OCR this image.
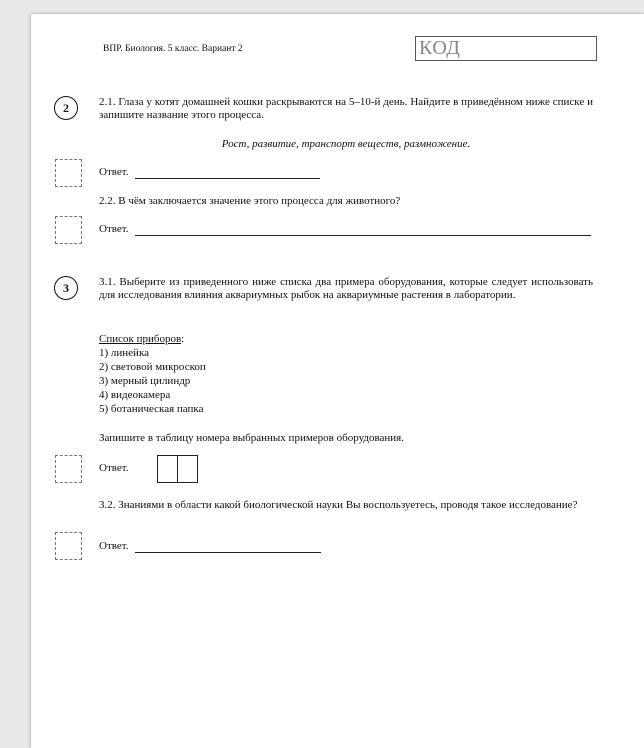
ВПР. Биология. 5 класс. Вариант 2	КОД
2	2.1. Глаза у котят домашней кошки раскрываются на 5–10-й день. Найдите в приведённом ниже списке и запишите название этого процесса.
Рост, развитие, транспорт веществ, размножение.
Ответ.
2.2. В чём заключается значение этого процесса для животного?
Ответ.
3	3.1. Выберите из приведенного ниже списка два примера оборудования, которые следует использовать для исследования влияния аквариумных рыбок на аквариумные растения в лаборатории.
Список приборов:
1) линейка
2) световой микроскоп
3) мерный цилиндр
4) видеокамера
5) ботаническая папка
Запишите в таблицу номера выбранных примеров оборудования.
Ответ.
3.2. Знаниями в области какой биологической науки Вы воспользуетесь, проводя такое исследование?
Ответ.
